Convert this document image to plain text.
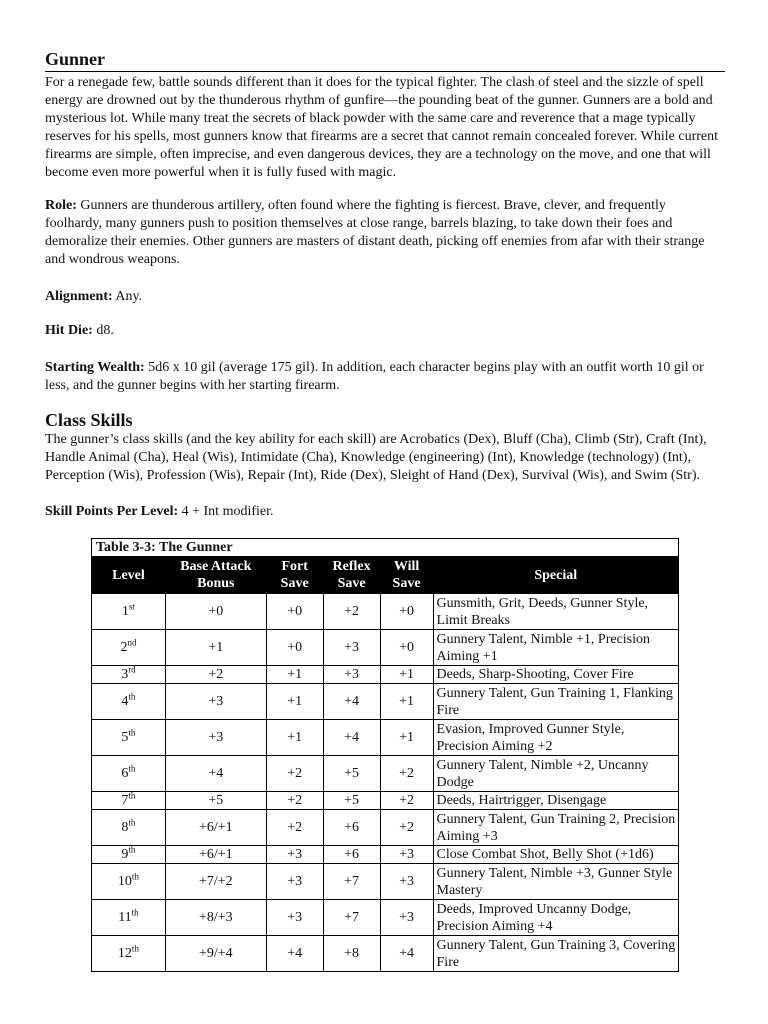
Gunner

For a renegade few, battle sounds different than it does for the typical fighter. The clash of steel and the sizzle of spell energy are drowned out by the thunderous rhythm of gunfire—the pounding beat of the gunner. Gunners are a bold and mysterious lot. While many treat the secrets of black powder with the same care and reverence that a mage typically reserves for his spells, most gunners know that firearms are a secret that cannot remain concealed forever. While current firearms are simple, often imprecise, and even dangerous devices, they are a technology on the move, and one that will become even more powerful when it is fully fused with magic.

Role: Gunners are thunderous artillery, often found where the fighting is fiercest. Brave, clever, and frequently foolhardy, many gunners push to position themselves at close range, barrels blazing, to take down their foes and demoralize their enemies. Other gunners are masters of distant death, picking off enemies from afar with their strange and wondrous weapons.

Alignment: Any.

Hit Die: d8.

Starting Wealth: 5d6 x 10 gil (average 175 gil). In addition, each character begins play with an outfit worth 10 gil or less, and the gunner begins with her starting firearm.

Class Skills

The gunner’s class skills (and the key ability for each skill) are Acrobatics (Dex), Bluff (Cha), Climb (Str), Craft (Int), Handle Animal (Cha), Heal (Wis), Intimidate (Cha), Knowledge (engineering) (Int), Knowledge (technology) (Int), Perception (Wis), Profession (Wis), Repair (Int), Ride (Dex), Sleight of Hand (Dex), Survival (Wis), and Swim (Str).

Skill Points Per Level: 4 + Int modifier.

Table 3-3: The Gunner					
Level	Base Attack Bonus	Fort Save	Reflex Save	Will Save	Special
1st	+0	+0	+2	+0	Gunsmith, Grit, Deeds, Gunner Style, Limit Breaks
2nd	+1	+0	+3	+0	Gunnery Talent, Nimble +1, Precision Aiming +1
3rd	+2	+1	+3	+1	Deeds, Sharp-Shooting, Cover Fire
4th	+3	+1	+4	+1	Gunnery Talent, Gun Training 1, Flanking Fire
5th	+3	+1	+4	+1	Evasion, Improved Gunner Style, Precision Aiming +2
6th	+4	+2	+5	+2	Gunnery Talent, Nimble +2, Uncanny Dodge
7th	+5	+2	+5	+2	Deeds, Hairtrigger, Disengage
8th	+6/+1	+2	+6	+2	Gunnery Talent, Gun Training 2, Precision Aiming +3
9th	+6/+1	+3	+6	+3	Close Combat Shot, Belly Shot (+1d6)
10th	+7/+2	+3	+7	+3	Gunnery Talent, Nimble +3, Gunner Style Mastery
11th	+8/+3	+3	+7	+3	Deeds, Improved Uncanny Dodge, Precision Aiming +4
12th	+9/+4	+4	+8	+4	Gunnery Talent, Gun Training 3, Covering Fire
